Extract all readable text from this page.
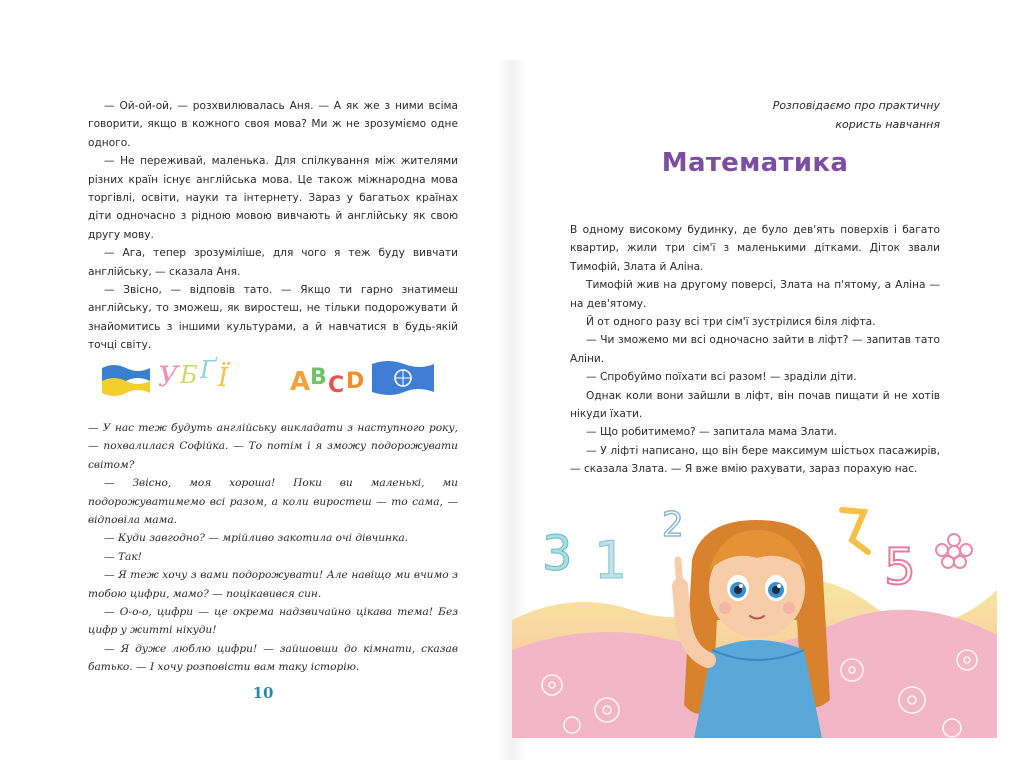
— Ой-ой-ой, — розхвилювалась Аня. — А як же з ними всіма говорити, якщо в кожного своя мова? Ми ж не зрозуміємо одне одного.

— Не переживай, маленька. Для спілкування між жителями різних країн існує англійська мова. Це також міжнародна мова торгівлі, освіти, науки та інтернету. Зараз у багатьох країнах діти одночасно з рідною мовою вивчають й англійську як свою другу мову.

— Ага, тепер зрозуміліше, для чого я теж буду вивчати англійську, — сказала Аня.

— Звісно, — відповів тато. — Якщо ти гарно знатимеш англійську, то зможеш, як виростеш, не тільки подорожувати й знайомитись з іншими культурами, а й навчатися в будь-якій точці світу.

У Б Ґ Ї A B C D

— У нас теж будуть англійську викладати з наступного року, — похвалилася Софійка. — То потім і я зможу подорожувати світом?

— Звісно, моя хороша! Поки ви маленькі, ми подорожуватимемо всі разом, а коли виростеш — то сама, — відповіла мама.

— Куди завгодно? — мрійливо закотила очі дівчинка.

— Так!

— Я теж хочу з вами подорожувати! Але навіщо ми вчимо з тобою цифри, мамо? — поцікавився син.

— О-о-о, цифри — це окрема надзвичайно цікава тема! Без цифр у житті нікуди!

— Я дуже люблю цифри! — зайшовши до кімнати, сказав батько. — І хочу розповісти вам таку історію.

10
Розповідаємо про практичну
користь навчання
Математика

В одному високому будинку, де було дев'ять поверхів і багато квартир, жили три сім'ї з маленькими дітками. Діток звали Тимофій, Злата й Аліна.

Тимофій жив на другому поверсі, Злата на п'ятому, а Аліна — на дев'ятому.

Й от одного разу всі три сім'ї зустрілися біля ліфта.

— Чи зможемо ми всі одночасно зайти в ліфт? — запитав тато Аліни.

— Спробуймо поїхати всі разом! — зраділи діти.

Однак коли вони зайшли в ліфт, він почав пищати й не хотів нікуди їхати.

— Що робитимемо? — запитала мама Злати.

— У ліфті написано, що він бере максимум шістьох пасажирів, — сказала Злата. — Я вже вмію рахувати, зараз порахую нас.

3 1
2
5
